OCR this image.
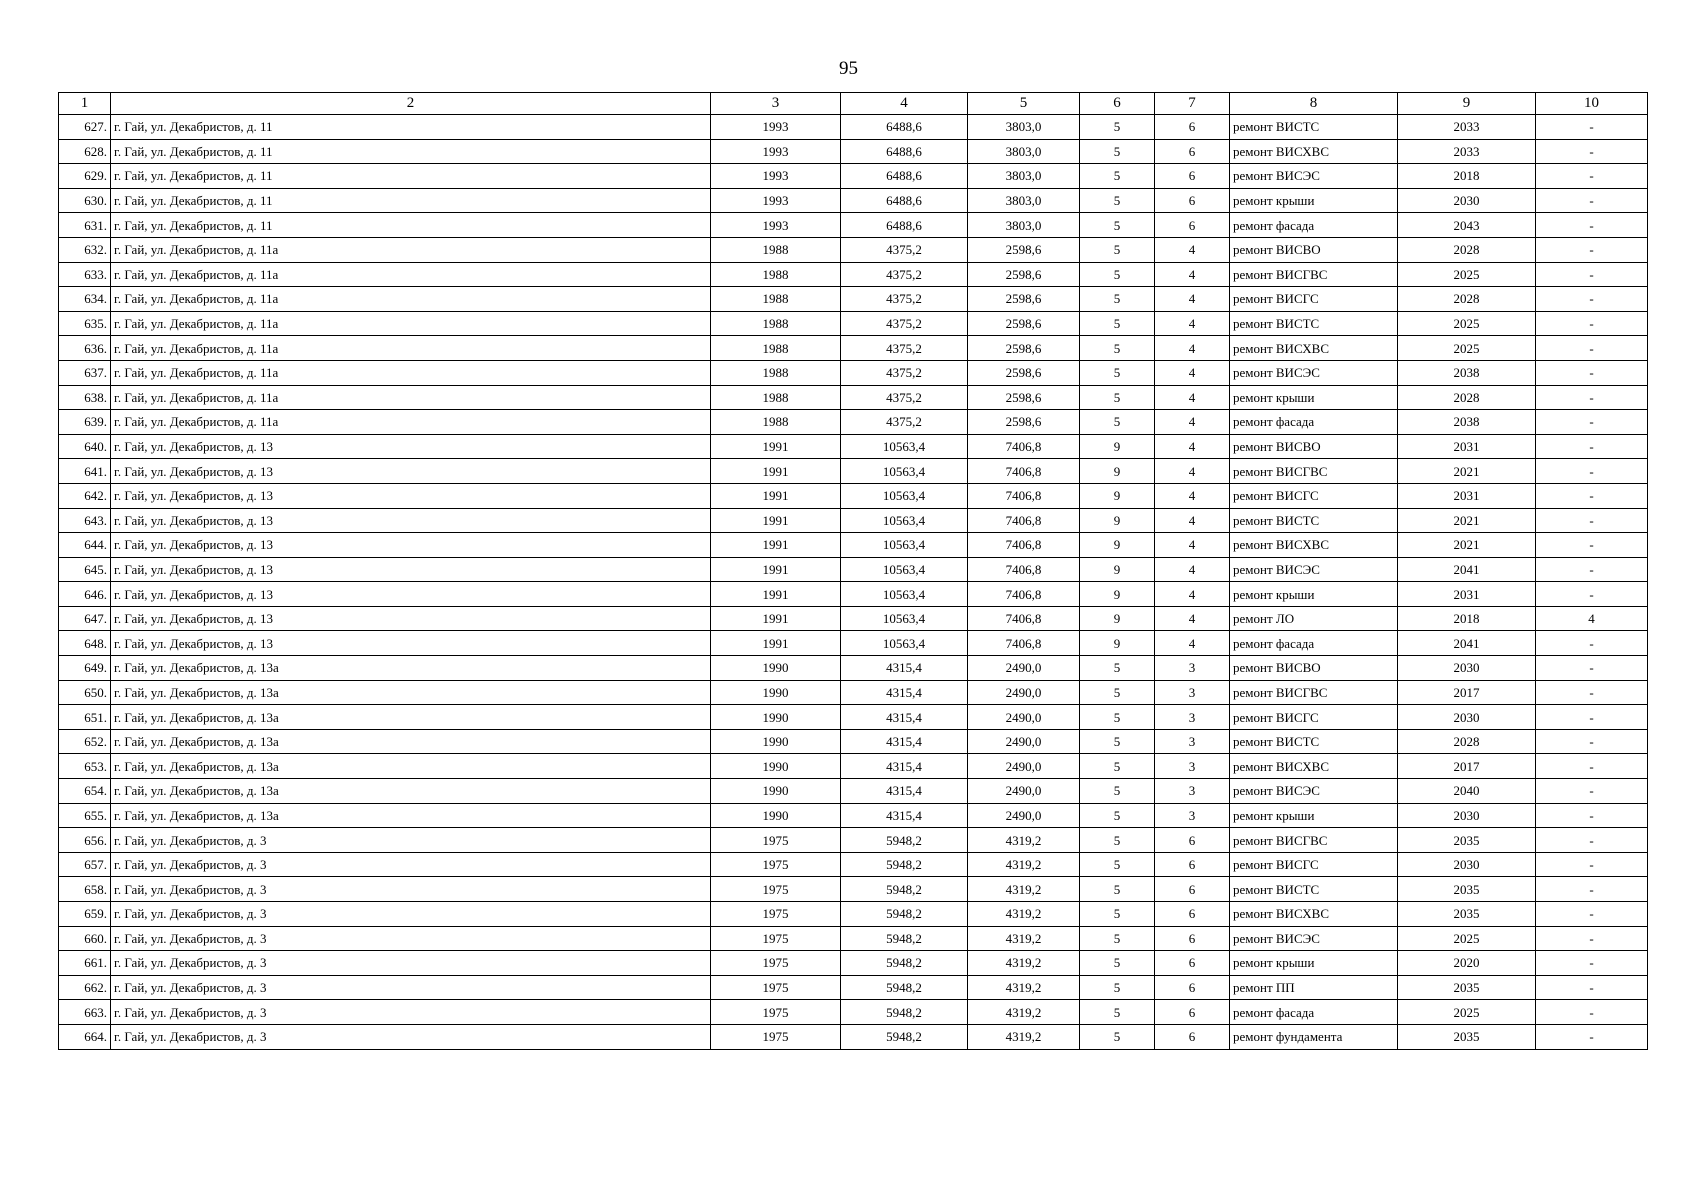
95
1	2	3	4	5	6	7	8	9	10
627.	г. Гай, ул. Декабристов, д. 11	1993	6488,6	3803,0	5	6	ремонт ВИСТС	2033	-
628.	г. Гай, ул. Декабристов, д. 11	1993	6488,6	3803,0	5	6	ремонт ВИСХВС	2033	-
629.	г. Гай, ул. Декабристов, д. 11	1993	6488,6	3803,0	5	6	ремонт ВИСЭС	2018	-
630.	г. Гай, ул. Декабристов, д. 11	1993	6488,6	3803,0	5	6	ремонт крыши	2030	-
631.	г. Гай, ул. Декабристов, д. 11	1993	6488,6	3803,0	5	6	ремонт фасада	2043	-
632.	г. Гай, ул. Декабристов, д. 11а	1988	4375,2	2598,6	5	4	ремонт ВИСВО	2028	-
633.	г. Гай, ул. Декабристов, д. 11а	1988	4375,2	2598,6	5	4	ремонт ВИСГВС	2025	-
634.	г. Гай, ул. Декабристов, д. 11а	1988	4375,2	2598,6	5	4	ремонт ВИСГС	2028	-
635.	г. Гай, ул. Декабристов, д. 11а	1988	4375,2	2598,6	5	4	ремонт ВИСТС	2025	-
636.	г. Гай, ул. Декабристов, д. 11а	1988	4375,2	2598,6	5	4	ремонт ВИСХВС	2025	-
637.	г. Гай, ул. Декабристов, д. 11а	1988	4375,2	2598,6	5	4	ремонт ВИСЭС	2038	-
638.	г. Гай, ул. Декабристов, д. 11а	1988	4375,2	2598,6	5	4	ремонт крыши	2028	-
639.	г. Гай, ул. Декабристов, д. 11а	1988	4375,2	2598,6	5	4	ремонт фасада	2038	-
640.	г. Гай, ул. Декабристов, д. 13	1991	10563,4	7406,8	9	4	ремонт ВИСВО	2031	-
641.	г. Гай, ул. Декабристов, д. 13	1991	10563,4	7406,8	9	4	ремонт ВИСГВС	2021	-
642.	г. Гай, ул. Декабристов, д. 13	1991	10563,4	7406,8	9	4	ремонт ВИСГС	2031	-
643.	г. Гай, ул. Декабристов, д. 13	1991	10563,4	7406,8	9	4	ремонт ВИСТС	2021	-
644.	г. Гай, ул. Декабристов, д. 13	1991	10563,4	7406,8	9	4	ремонт ВИСХВС	2021	-
645.	г. Гай, ул. Декабристов, д. 13	1991	10563,4	7406,8	9	4	ремонт ВИСЭС	2041	-
646.	г. Гай, ул. Декабристов, д. 13	1991	10563,4	7406,8	9	4	ремонт крыши	2031	-
647.	г. Гай, ул. Декабристов, д. 13	1991	10563,4	7406,8	9	4	ремонт ЛО	2018	4
648.	г. Гай, ул. Декабристов, д. 13	1991	10563,4	7406,8	9	4	ремонт фасада	2041	-
649.	г. Гай, ул. Декабристов, д. 13а	1990	4315,4	2490,0	5	3	ремонт ВИСВО	2030	-
650.	г. Гай, ул. Декабристов, д. 13а	1990	4315,4	2490,0	5	3	ремонт ВИСГВС	2017	-
651.	г. Гай, ул. Декабристов, д. 13а	1990	4315,4	2490,0	5	3	ремонт ВИСГС	2030	-
652.	г. Гай, ул. Декабристов, д. 13а	1990	4315,4	2490,0	5	3	ремонт ВИСТС	2028	-
653.	г. Гай, ул. Декабристов, д. 13а	1990	4315,4	2490,0	5	3	ремонт ВИСХВС	2017	-
654.	г. Гай, ул. Декабристов, д. 13а	1990	4315,4	2490,0	5	3	ремонт ВИСЭС	2040	-
655.	г. Гай, ул. Декабристов, д. 13а	1990	4315,4	2490,0	5	3	ремонт крыши	2030	-
656.	г. Гай, ул. Декабристов, д. 3	1975	5948,2	4319,2	5	6	ремонт ВИСГВС	2035	-
657.	г. Гай, ул. Декабристов, д. 3	1975	5948,2	4319,2	5	6	ремонт ВИСГС	2030	-
658.	г. Гай, ул. Декабристов, д. 3	1975	5948,2	4319,2	5	6	ремонт ВИСТС	2035	-
659.	г. Гай, ул. Декабристов, д. 3	1975	5948,2	4319,2	5	6	ремонт ВИСХВС	2035	-
660.	г. Гай, ул. Декабристов, д. 3	1975	5948,2	4319,2	5	6	ремонт ВИСЭС	2025	-
661.	г. Гай, ул. Декабристов, д. 3	1975	5948,2	4319,2	5	6	ремонт крыши	2020	-
662.	г. Гай, ул. Декабристов, д. 3	1975	5948,2	4319,2	5	6	ремонт ПП	2035	-
663.	г. Гай, ул. Декабристов, д. 3	1975	5948,2	4319,2	5	6	ремонт фасада	2025	-
664.	г. Гай, ул. Декабристов, д. 3	1975	5948,2	4319,2	5	6	ремонт фундамента	2035	-
